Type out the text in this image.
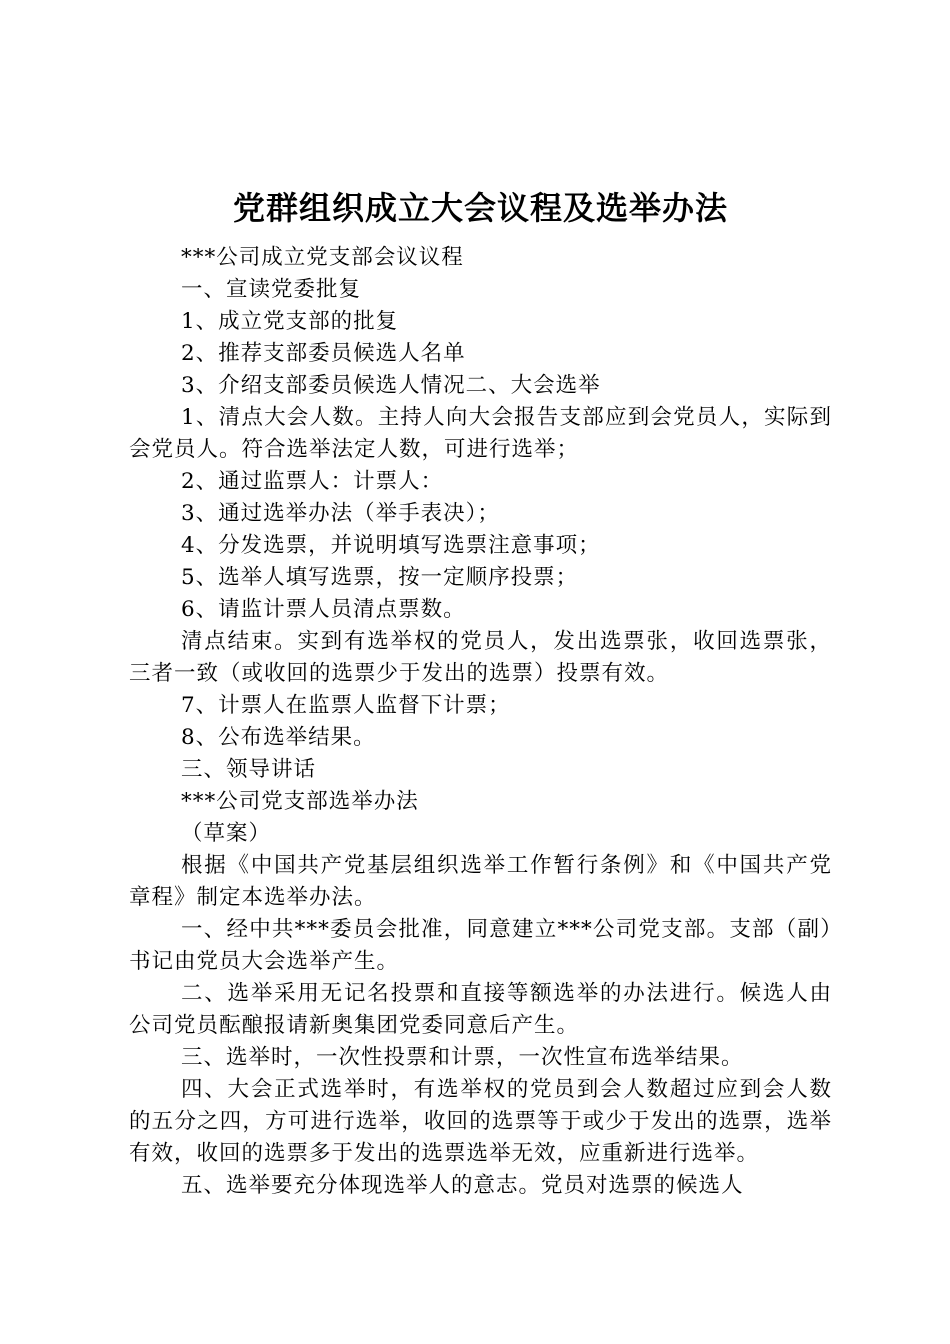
党群组织成立大会议程及选举办法

***公司成立党支部会议议程

一、宣读党委批复

1、成立党支部的批复

2、推荐支部委员候选人名单

3、介绍支部委员候选人情况二、大会选举

1、清点大会人数。主持人向大会报告支部应到会党员人，实际到会党员人。符合选举法定人数，可进行选举；

2、通过监票人：计票人：

3、通过选举办法（举手表决）；

4、分发选票，并说明填写选票注意事项；

5、选举人填写选票，按一定顺序投票；

6、请监计票人员清点票数。

清点结束。实到有选举权的党员人，发出选票张，收回选票张，三者一致（或收回的选票少于发出的选票）投票有效。

7、计票人在监票人监督下计票；

8、公布选举结果。

三、领导讲话

***公司党支部选举办法

（草案）

根据《中国共产党基层组织选举工作暂行条例》和《中国共产党章程》制定本选举办法。

一、经中共***委员会批准，同意建立***公司党支部。支部（副）书记由党员大会选举产生。

二、选举采用无记名投票和直接等额选举的办法进行。候选人由公司党员酝酿报请新奥集团党委同意后产生。

三、选举时，一次性投票和计票，一次性宣布选举结果。

四、大会正式选举时，有选举权的党员到会人数超过应到会人数的五分之四，方可进行选举，收回的选票等于或少于发出的选票，选举有效，收回的选票多于发出的选票选举无效，应重新进行选举。

五、选举要充分体现选举人的意志。党员对选票的候选人
